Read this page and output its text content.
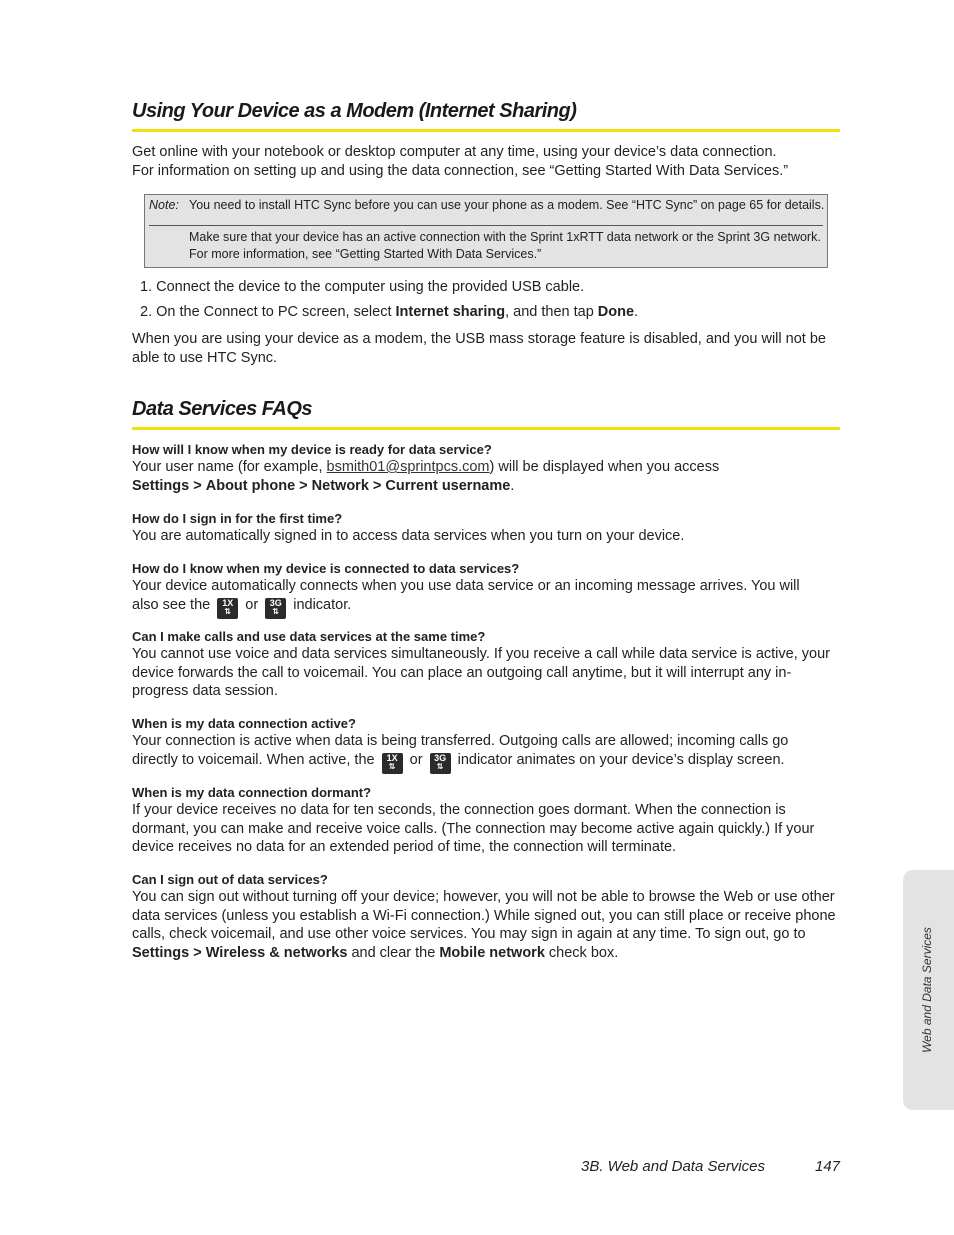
Using Your Device as a Modem (Internet Sharing)

Get online with your notebook or desktop computer at any time, using your device’s data connection.
For information on setting up and using the data connection, see “Getting Started With Data Services.”

Note: You need to install HTC Sync before you can use your phone as a modem. See “HTC Sync” on page 65 for details.
Make sure that your device has an active connection with the Sprint 1xRTT data network or the Sprint 3G network. For more information, see “Getting Started With Data Services.”
1. Connect the device to the computer using the provided USB cable.
2. On the Connect to PC screen, select Internet sharing, and then tap Done.

When you are using your device as a modem, the USB mass storage feature is disabled, and you will not be able to use HTC Sync.

Data Services FAQs
How will I know when my device is ready for data service?

Your user name (for example, bsmith01@sprintpcs.com) will be displayed when you access
Settings > About phone > Network > Current username.

How do I sign in for the first time?

You are automatically signed in to access data services when you turn on your device.

How do I know when my device is connected to data services?

Your device automatically connects when you use data service or an incoming message arrives. You will
also see the 1X
⇅ or 3G
⇅ indicator.

Can I make calls and use data services at the same time?

You cannot use voice and data services simultaneously. If you receive a call while data service is active, your device forwards the call to voicemail. You can place an outgoing call anytime, but it will interrupt any in-progress data session.

When is my data connection active?

Your connection is active when data is being transferred. Outgoing calls are allowed; incoming calls go
directly to voicemail. When active, the 1X
⇅ or 3G
⇅ indicator animates on your device’s display screen.

When is my data connection dormant?

If your device receives no data for ten seconds, the connection goes dormant. When the connection is dormant, you can make and receive voice calls. (The connection may become active again quickly.) If your device receives no data for an extended period of time, the connection will terminate.

Can I sign out of data services?

You can sign out without turning off your device; however, you will not be able to browse the Web or use other data services (unless you establish a Wi-Fi connection.) While signed out, you can still place or receive phone calls, check voicemail, and use other voice services. You may sign in again at any time. To sign out, go to Settings > Wireless & networks and clear the Mobile network check box.	Web and Data Services
3B. Web and Data Services	147
